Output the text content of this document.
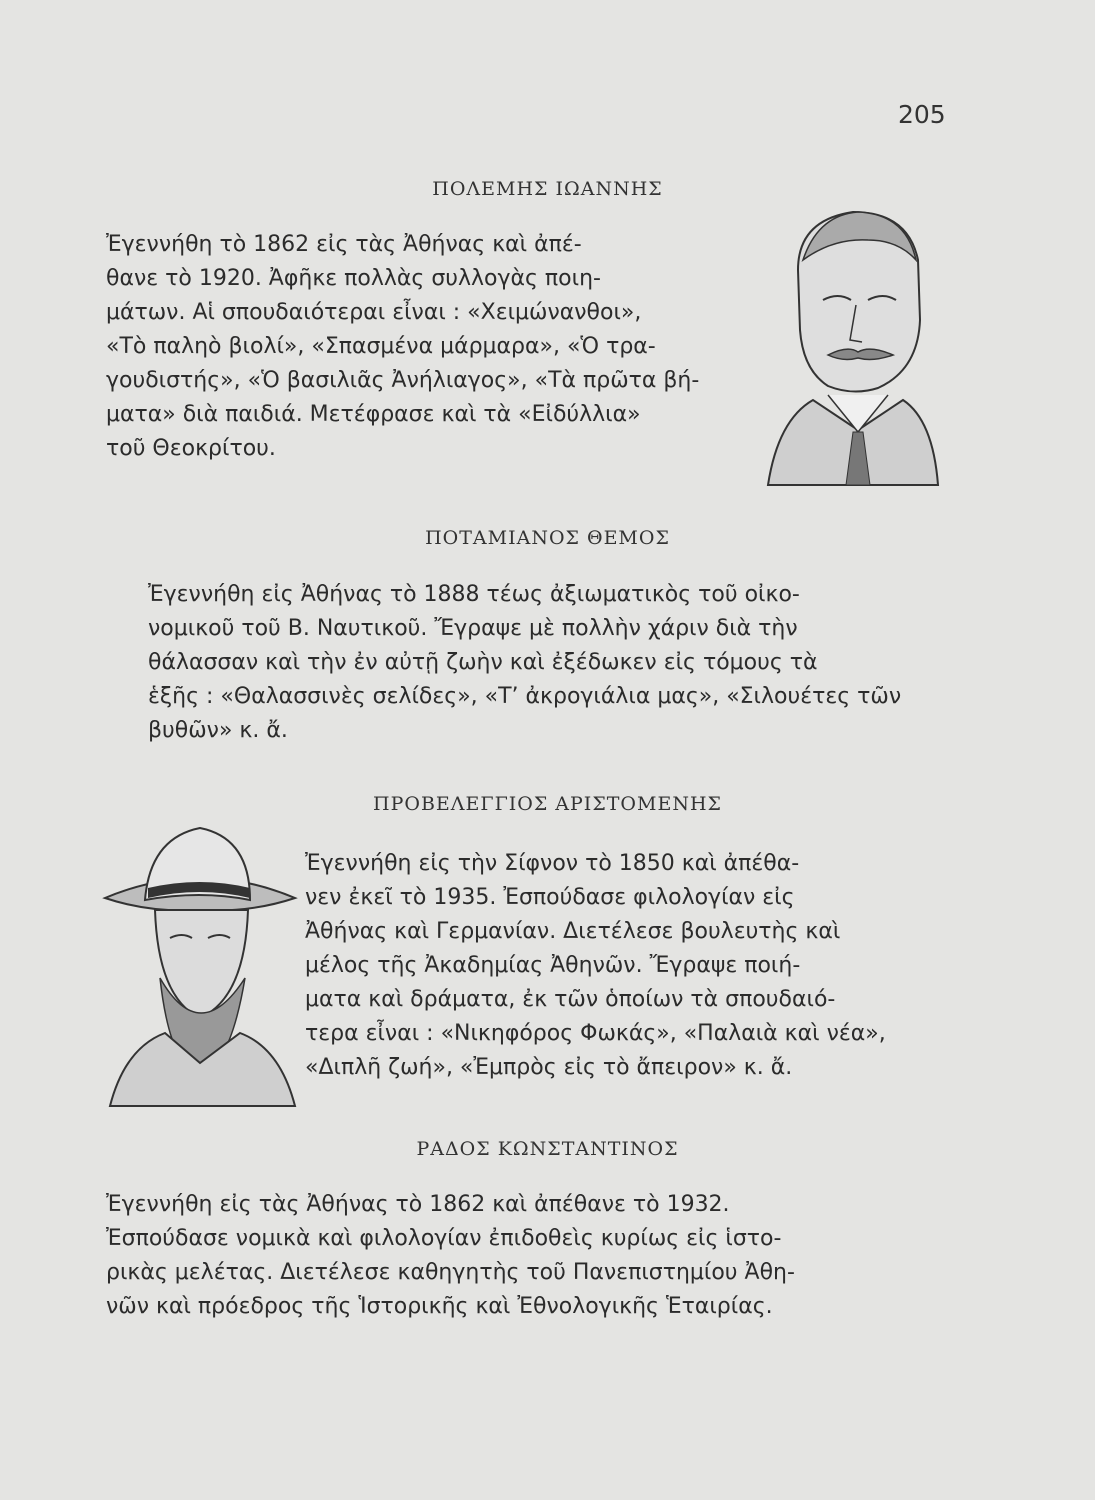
205
ΠΟΛΕΜΗΣ ΙΩΑΝΝΗΣ
Ἐγεννήθη τὸ 1862 εἰς τὰς Ἀθήνας καὶ ἀπέ-
θανε τὸ 1920. Ἀφῆκε πολλὰς συλλογὰς ποιη-
μάτων. Αἱ σπουδαιότεραι εἶναι : «Χειμώνανθοι»,
«Τὸ παληὸ βιολί», «Σπασμένα μάρμαρα», «Ὁ τρα-
γουδιστής», «Ὁ βασιλιᾶς Ἀνήλιαγος», «Τὰ πρῶτα βή-
ματα» διὰ παιδιά. Μετέφρασε καὶ τὰ «Εἰδύλλια»
τοῦ Θεοκρίτου.
ΠΟΤΑΜΙΑΝΟΣ ΘΕΜΟΣ
Ἐγεννήθη εἰς Ἀθήνας τὸ 1888 τέως ἀξιωματικὸς τοῦ οἰκο-
νομικοῦ τοῦ Β. Ναυτικοῦ. Ἔγραψε μὲ πολλὴν χάριν διὰ τὴν
θάλασσαν καὶ τὴν ἐν αὐτῇ ζωὴν καὶ ἐξέδωκεν εἰς τόμους τὰ
ἑξῆς : «Θαλασσινὲς σελίδες», «Τ’ ἀκρογιάλια μας», «Σιλουέτες τῶν
βυθῶν» κ. ἄ.
ΠΡΟΒΕΛΕΓΓΙΟΣ ΑΡΙΣΤΟΜΕΝΗΣ
Ἐγεννήθη εἰς τὴν Σίφνον τὸ 1850 καὶ ἀπέθα-
νεν ἐκεῖ τὸ 1935. Ἐσπούδασε φιλολογίαν εἰς
Ἀθήνας καὶ Γερμανίαν. Διετέλεσε βουλευτὴς καὶ
μέλος τῆς Ἀκαδημίας Ἀθηνῶν. Ἔγραψε ποιή-
ματα καὶ δράματα, ἐκ τῶν ὁποίων τὰ σπουδαιό-
τερα εἶναι : «Νικηφόρος Φωκάς», «Παλαιὰ καὶ νέα»,
«Διπλῆ ζωή», «Ἐμπρὸς εἰς τὸ ἄπειρον» κ. ἄ.
ΡΑΔΟΣ ΚΩΝΣΤΑΝΤΙΝΟΣ
Ἐγεννήθη εἰς τὰς Ἀθήνας τὸ 1862 καὶ ἀπέθανε τὸ 1932.
Ἐσπούδασε νομικὰ καὶ φιλολογίαν ἐπιδοθεὶς κυρίως εἰς ἱστο-
ρικὰς μελέτας. Διετέλεσε καθηγητὴς τοῦ Πανεπιστημίου Ἀθη-
νῶν καὶ πρόεδρος τῆς Ἱστορικῆς καὶ Ἐθνολογικῆς Ἑταιρίας.
